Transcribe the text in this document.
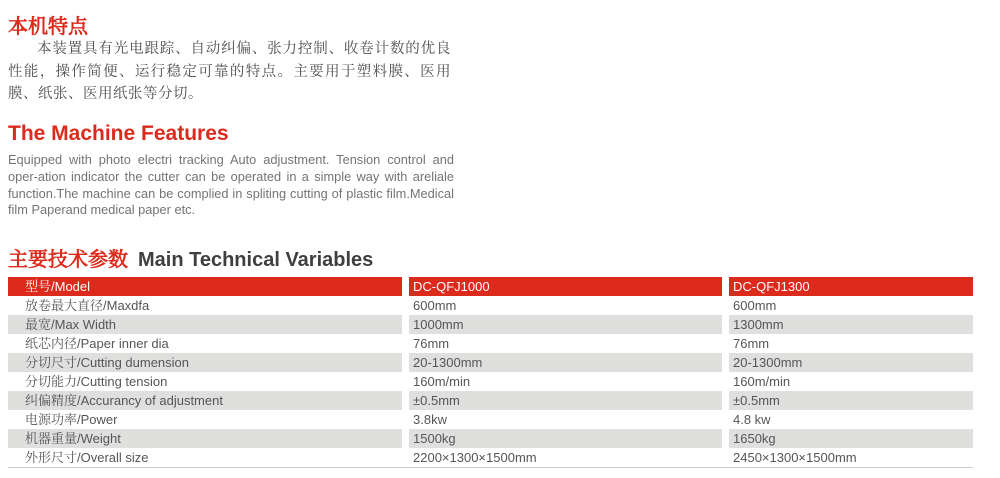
本机特点

本装置具有光电跟踪、自动纠偏、张力控制、收卷计数的优良性能，操作简便、运行稳定可靠的特点。主要用于塑料膜、医用膜、纸张、医用纸张等分切。

The Machine Features

Equipped with photo electri tracking Auto adjustment. Tension control and oper-ation indicator the cutter can be operated in a simple way with areliale function.The machine can be complied in spliting cutting of plastic film.Medical film Paperand medical paper etc.

主要技术参数 Main Technical Variables
型号/Model	DC-QFJ1000	DC-QFJ1300
放卷最大直径/Maxdfa	600mm	600mm
最宽/Max Width	1000mm	1300mm
纸芯内径/Paper inner dia	76mm	76mm
分切尺寸/Cutting dumension	20-1300mm	20-1300mm
分切能力/Cutting tension	160m/min	160m/min
纠偏精度/Accurancy of adjustment	±0.5mm	±0.5mm
电源功率/Power	3.8kw	4.8 kw
机器重量/Weight	1500kg	1650kg
外形尺寸/Overall size	2200×1300×1500mm	2450×1300×1500mm
